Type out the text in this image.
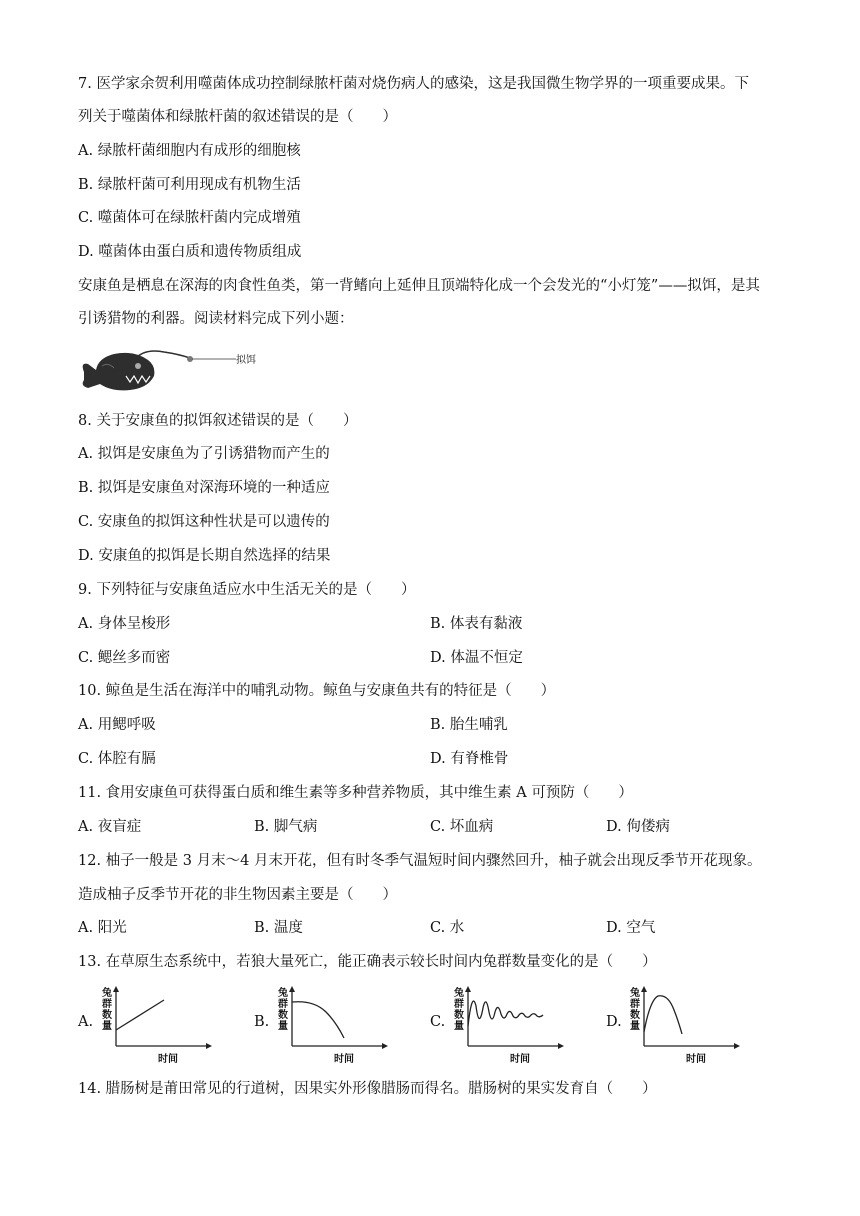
7. 医学家余贺利用噬菌体成功控制绿脓杆菌对烧伤病人的感染，这是我国微生物学界的一项重要成果。下
列关于噬菌体和绿脓杆菌的叙述错误的是（　　）
A. 绿脓杆菌细胞内有成形的细胞核
B. 绿脓杆菌可利用现成有机物生活
C. 噬菌体可在绿脓杆菌内完成增殖
D. 噬菌体由蛋白质和遗传物质组成
安康鱼是栖息在深海的肉食性鱼类，第一背鳍向上延伸且顶端特化成一个会发光的“小灯笼”——拟饵，是其
引诱猎物的利器。阅读材料完成下列小题：
拟饵
8. 关于安康鱼的拟饵叙述错误的是（　　）
A. 拟饵是安康鱼为了引诱猎物而产生的
B. 拟饵是安康鱼对深海环境的一种适应
C. 安康鱼的拟饵这种性状是可以遗传的
D. 安康鱼的拟饵是长期自然选择的结果
9. 下列特征与安康鱼适应水中生活无关的是（　　）
A. 身体呈梭形	B. 体表有黏液
C. 鳃丝多而密	D. 体温不恒定
10. 鲸鱼是生活在海洋中的哺乳动物。鲸鱼与安康鱼共有的特征是（　　）
A. 用鳃呼吸	B. 胎生哺乳
C. 体腔有膈	D. 有脊椎骨
11. 食用安康鱼可获得蛋白质和维生素等多种营养物质，其中维生素 A 可预防（　　）
A. 夜盲症	B. 脚气病	C. 坏血病	D. 佝偻病
12. 柚子一般是 3 月末～4 月末开花，但有时冬季气温短时间内骤然回升，柚子就会出现反季节开花现象。
造成柚子反季节开花的非生物因素主要是（　　）
A. 阳光	B. 温度	C. 水	D. 空气
13. 在草原生态系统中，若狼大量死亡，能正确表示较长时间内兔群数量变化的是（　　）
A.
兔群数量
时间
B.
兔群数量
时间
C.
兔群数量
时间
D.
兔群数量
时间
14. 腊肠树是莆田常见的行道树，因果实外形像腊肠而得名。腊肠树的果实发育自（　　）
